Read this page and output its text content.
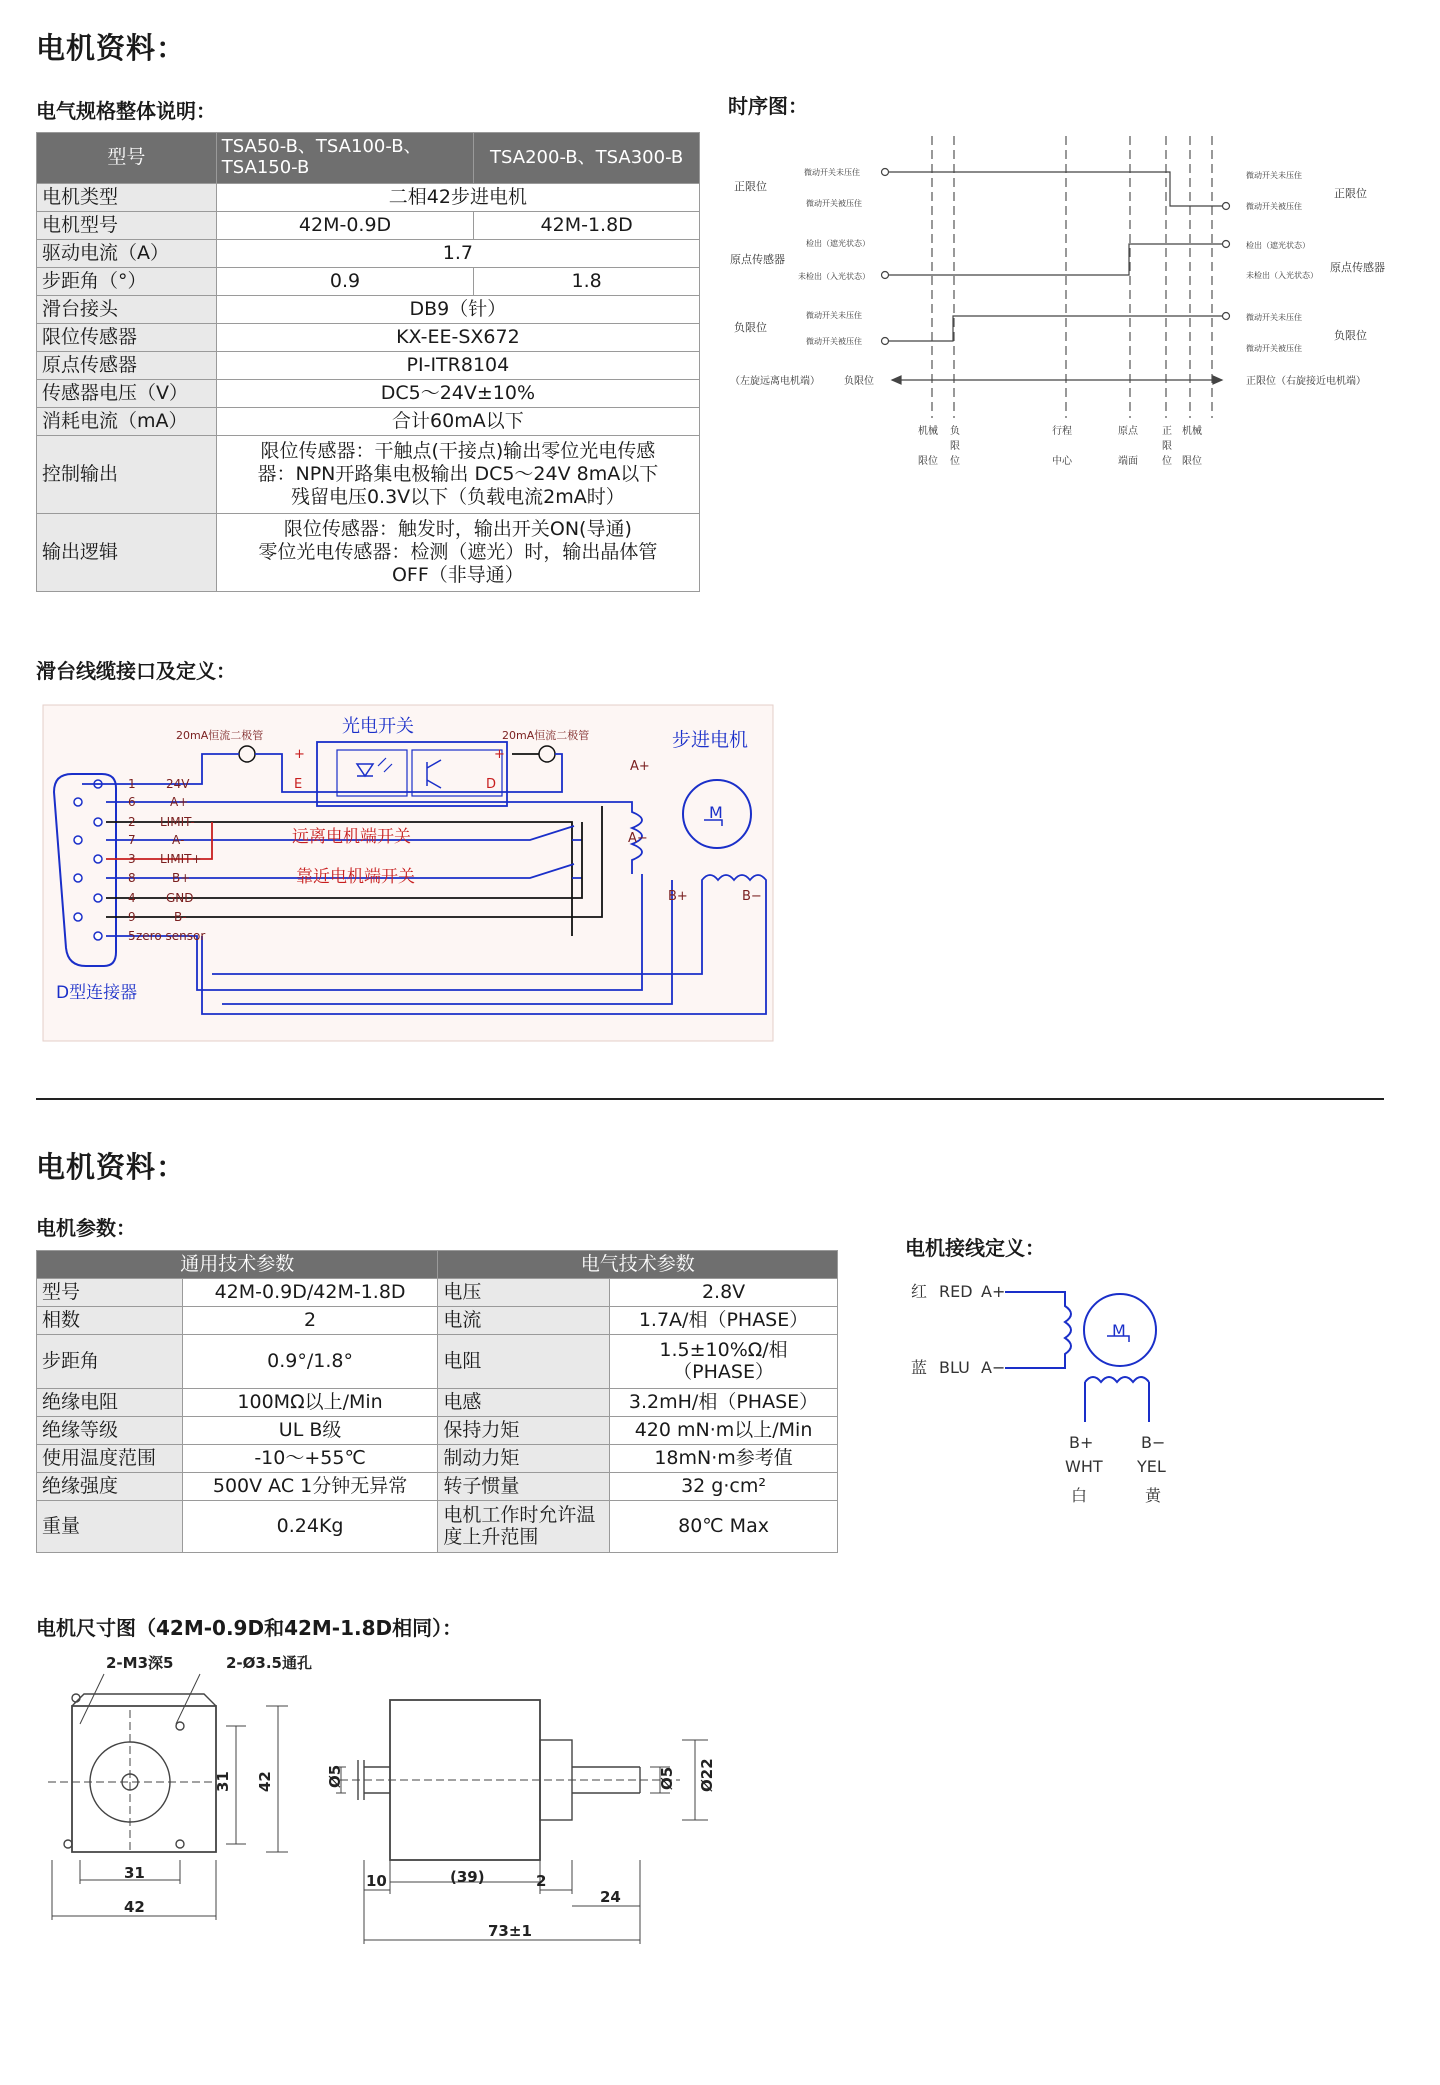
电机资料：
电气规格整体说明：	时序图：
型号	TSA50-B、TSA100-B、TSA150-B	TSA200-B、TSA300-B
电机类型	二相42步进电机	
电机型号	42M-0.9D	42M-1.8D
驱动电流（A）	1.7	
步距角（°）	0.9	1.8
滑台接头	DB9（针）	
限位传感器	KX-EE-SX672	
原点传感器	PI-ITR8104	
传感器电压（V）	DC5～24V±10%	
消耗电流（mA）	合计60mA以下	
控制输出	限位传感器：干触点(干接点)输出零位光电传感
器：NPN开路集电极输出 DC5～24V 8mA以下
残留电压0.3V以下（负载电流2mA时）	

输出逻辑	限位传感器：触发时，输出开关ON(导通)
零位光电传感器：检测（遮光）时，输出晶体管
OFF（非导通）	
正限位
原点传感器
负限位
（左旋远离电机端） 负限位
正限位
原点传感器
负限位
正限位（右旋接近电机端）
微动开关未压住
微动开关被压住
检出（遮光状态）
未检出（入光状态）
微动开关未压住
微动开关被压住
微动开关未压住
微动开关被压住
检出（遮光状态）
未检出（入光状态）
微动开关未压住
微动开关被压住
机械
限位
负
限
位
行程
中心
原点
端面
正
限
位
机械
限位
滑台线缆接口及定义：
20mA恒流二极管	20mA恒流二极管
光电开关
步进电机
远离电机端开关
靠近电机端开关
D型连接器
+	+
E	D
M
A+
A−
B+	B−
1	24V
6	A+
2 LIMIT-
7	A-
3 LIMIT+
8	B+
4	GND
9	B-
5 zero sensor
电机资料：
电机参数：
电机接线定义：
通用技术参数		电气技术参数	
型号	42M-0.9D/42M-1.8D	电压	2.8V
相数	2	电流	1.7A/相（PHASE）
步距角	0.9°/1.8°	电阻	1.5±10%Ω/相（PHASE）
绝缘电阻	100MΩ以上/Min	电感	3.2mH/相（PHASE）
绝缘等级	UL B级	保持力矩	420 mN·m以上/Min
使用温度范围	-10～+55℃	制动力矩	18mN·m参考值
绝缘强度	500V AC 1分钟无异常	转子惯量	32 g·cm²
重量	0.24Kg	电机工作时允许温度上升范围	80℃ Max
红 RED A+
蓝 BLU A−
M
B+
WHT
白
B−
YEL
黄
电机尺寸图（42M-0.9D和42M-1.8D相同）：
2-M3深5	2-Ø3.5通孔
31 42
31
42
Ø5	Ø5 Ø22
10	(39)	2
24
73±1
